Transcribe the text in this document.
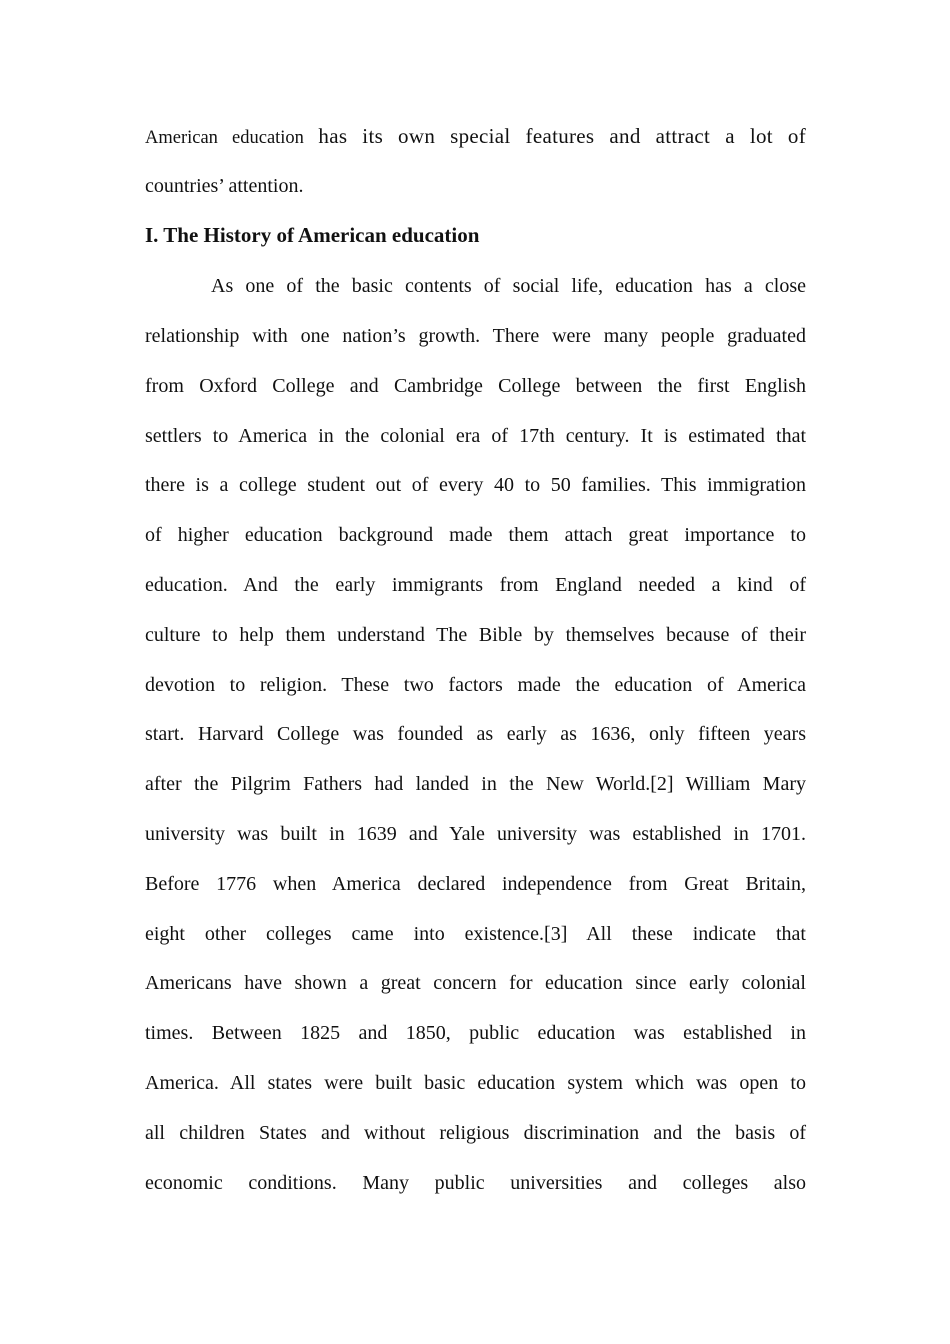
American education has its own special features and attract a lot of
countries’ attention.
I. The History of American education
As one of the basic contents of social life, education has a close
relationship with one nation’s growth. There were many people graduated
from Oxford College and Cambridge College between the first English
settlers to America in the colonial era of 17th century. It is estimated that
there is a college student out of every 40 to 50 families. This immigration
of higher education background made them attach great importance to
education. And the early immigrants from England needed a kind of
culture to help them understand The Bible by themselves because of their
devotion to religion. These two factors made the education of America
start. Harvard College was founded as early as 1636, only fifteen years
after the Pilgrim Fathers had landed in the New World.[2] William Mary
university was built in 1639 and Yale university was established in 1701.
Before 1776 when America declared independence from Great Britain,
eight other colleges came into existence.[3] All these indicate that
Americans have shown a great concern for education since early colonial
times. Between 1825 and 1850, public education was established in
America. All states were built basic education system which was open to
all children States and without religious discrimination and the basis of
economic conditions. Many public universities and colleges also
